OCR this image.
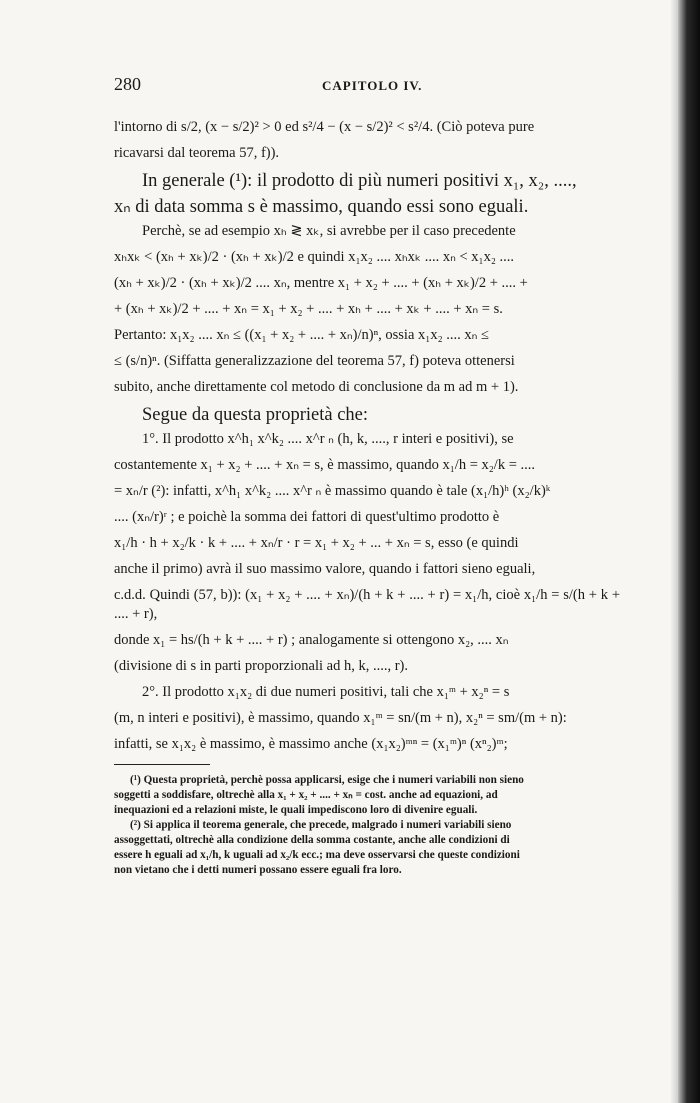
280	CAPITOLO IV.
l'intorno di s/2, (x − s/2)² > 0 ed s²/4 − (x − s/2)² < s²/4. (Ciò poteva pure
ricavarsi dal teorema 57, f)).
In generale (¹): il prodotto di più numeri positivi x₁, x₂, ....,
xₙ di data somma s è massimo, quando essi sono eguali.
Perchè, se ad esempio xₕ ≷ xₖ, si avrebbe per il caso precedente
xₕxₖ < (xₕ + xₖ)/2 · (xₕ + xₖ)/2 e quindi x₁x₂ .... xₕxₖ .... xₙ < x₁x₂ ....
(xₕ + xₖ)/2 · (xₕ + xₖ)/2 .... xₙ, mentre x₁ + x₂ + .... + (xₕ + xₖ)/2 + .... +
+ (xₕ + xₖ)/2 + .... + xₙ = x₁ + x₂ + .... + xₕ + .... + xₖ + .... + xₙ = s.
Pertanto: x₁x₂ .... xₙ ≤ ((x₁ + x₂ + .... + xₙ)/n)ⁿ, ossia x₁x₂ .... xₙ ≤
≤ (s/n)ⁿ. (Siffatta generalizzazione del teorema 57, f) poteva ottenersi
subito, anche direttamente col metodo di conclusione da m ad m + 1).
Segue da questa proprietà che:
1°. Il prodotto x^h₁ x^k₂ .... x^r ₙ (h, k, ...., r interi e positivi), se
costantemente x₁ + x₂ + .... + xₙ = s, è massimo, quando x₁/h = x₂/k = ....
= xₙ/r (²): infatti, x^h₁ x^k₂ .... x^r ₙ è massimo quando è tale (x₁/h)ʰ (x₂/k)ᵏ
.... (xₙ/r)ʳ ; e poichè la somma dei fattori di quest'ultimo prodotto è
x₁/h · h + x₂/k · k + .... + xₙ/r · r = x₁ + x₂ + ... + xₙ = s, esso (e quindi
anche il primo) avrà il suo massimo valore, quando i fattori sieno eguali,
c.d.d. Quindi (57, b)): (x₁ + x₂ + .... + xₙ)/(h + k + .... + r) = x₁/h, cioè x₁/h = s/(h + k + .... + r),
donde x₁ = hs/(h + k + .... + r) ; analogamente si ottengono x₂, .... xₙ
(divisione di s in parti proporzionali ad h, k, ...., r).
2°. Il prodotto x₁x₂ di due numeri positivi, tali che x₁ᵐ + x₂ⁿ = s
(m, n interi e positivi), è massimo, quando x₁ᵐ = sn/(m + n), x₂ⁿ = sm/(m + n):
infatti, se x₁x₂ è massimo, è massimo anche (x₁x₂)ᵐⁿ = (x₁ᵐ)ⁿ (xⁿ₂)ᵐ;
(¹) Questa proprietà, perchè possa applicarsi, esige che i numeri variabili non sieno
soggetti a soddisfare, oltrechè alla x₁ + x₂ + .... + xₙ = cost. anche ad equazioni, ad
inequazioni ed a relazioni miste, le quali impediscono loro di divenire eguali.
(²) Si applica il teorema generale, che precede, malgrado i numeri variabili sieno
assoggettati, oltrechè alla condizione della somma costante, anche alle condizioni di
essere h eguali ad x₁/h, k uguali ad x₂/k ecc.; ma deve osservarsi che queste condizioni
non vietano che i detti numeri possano essere eguali fra loro.
